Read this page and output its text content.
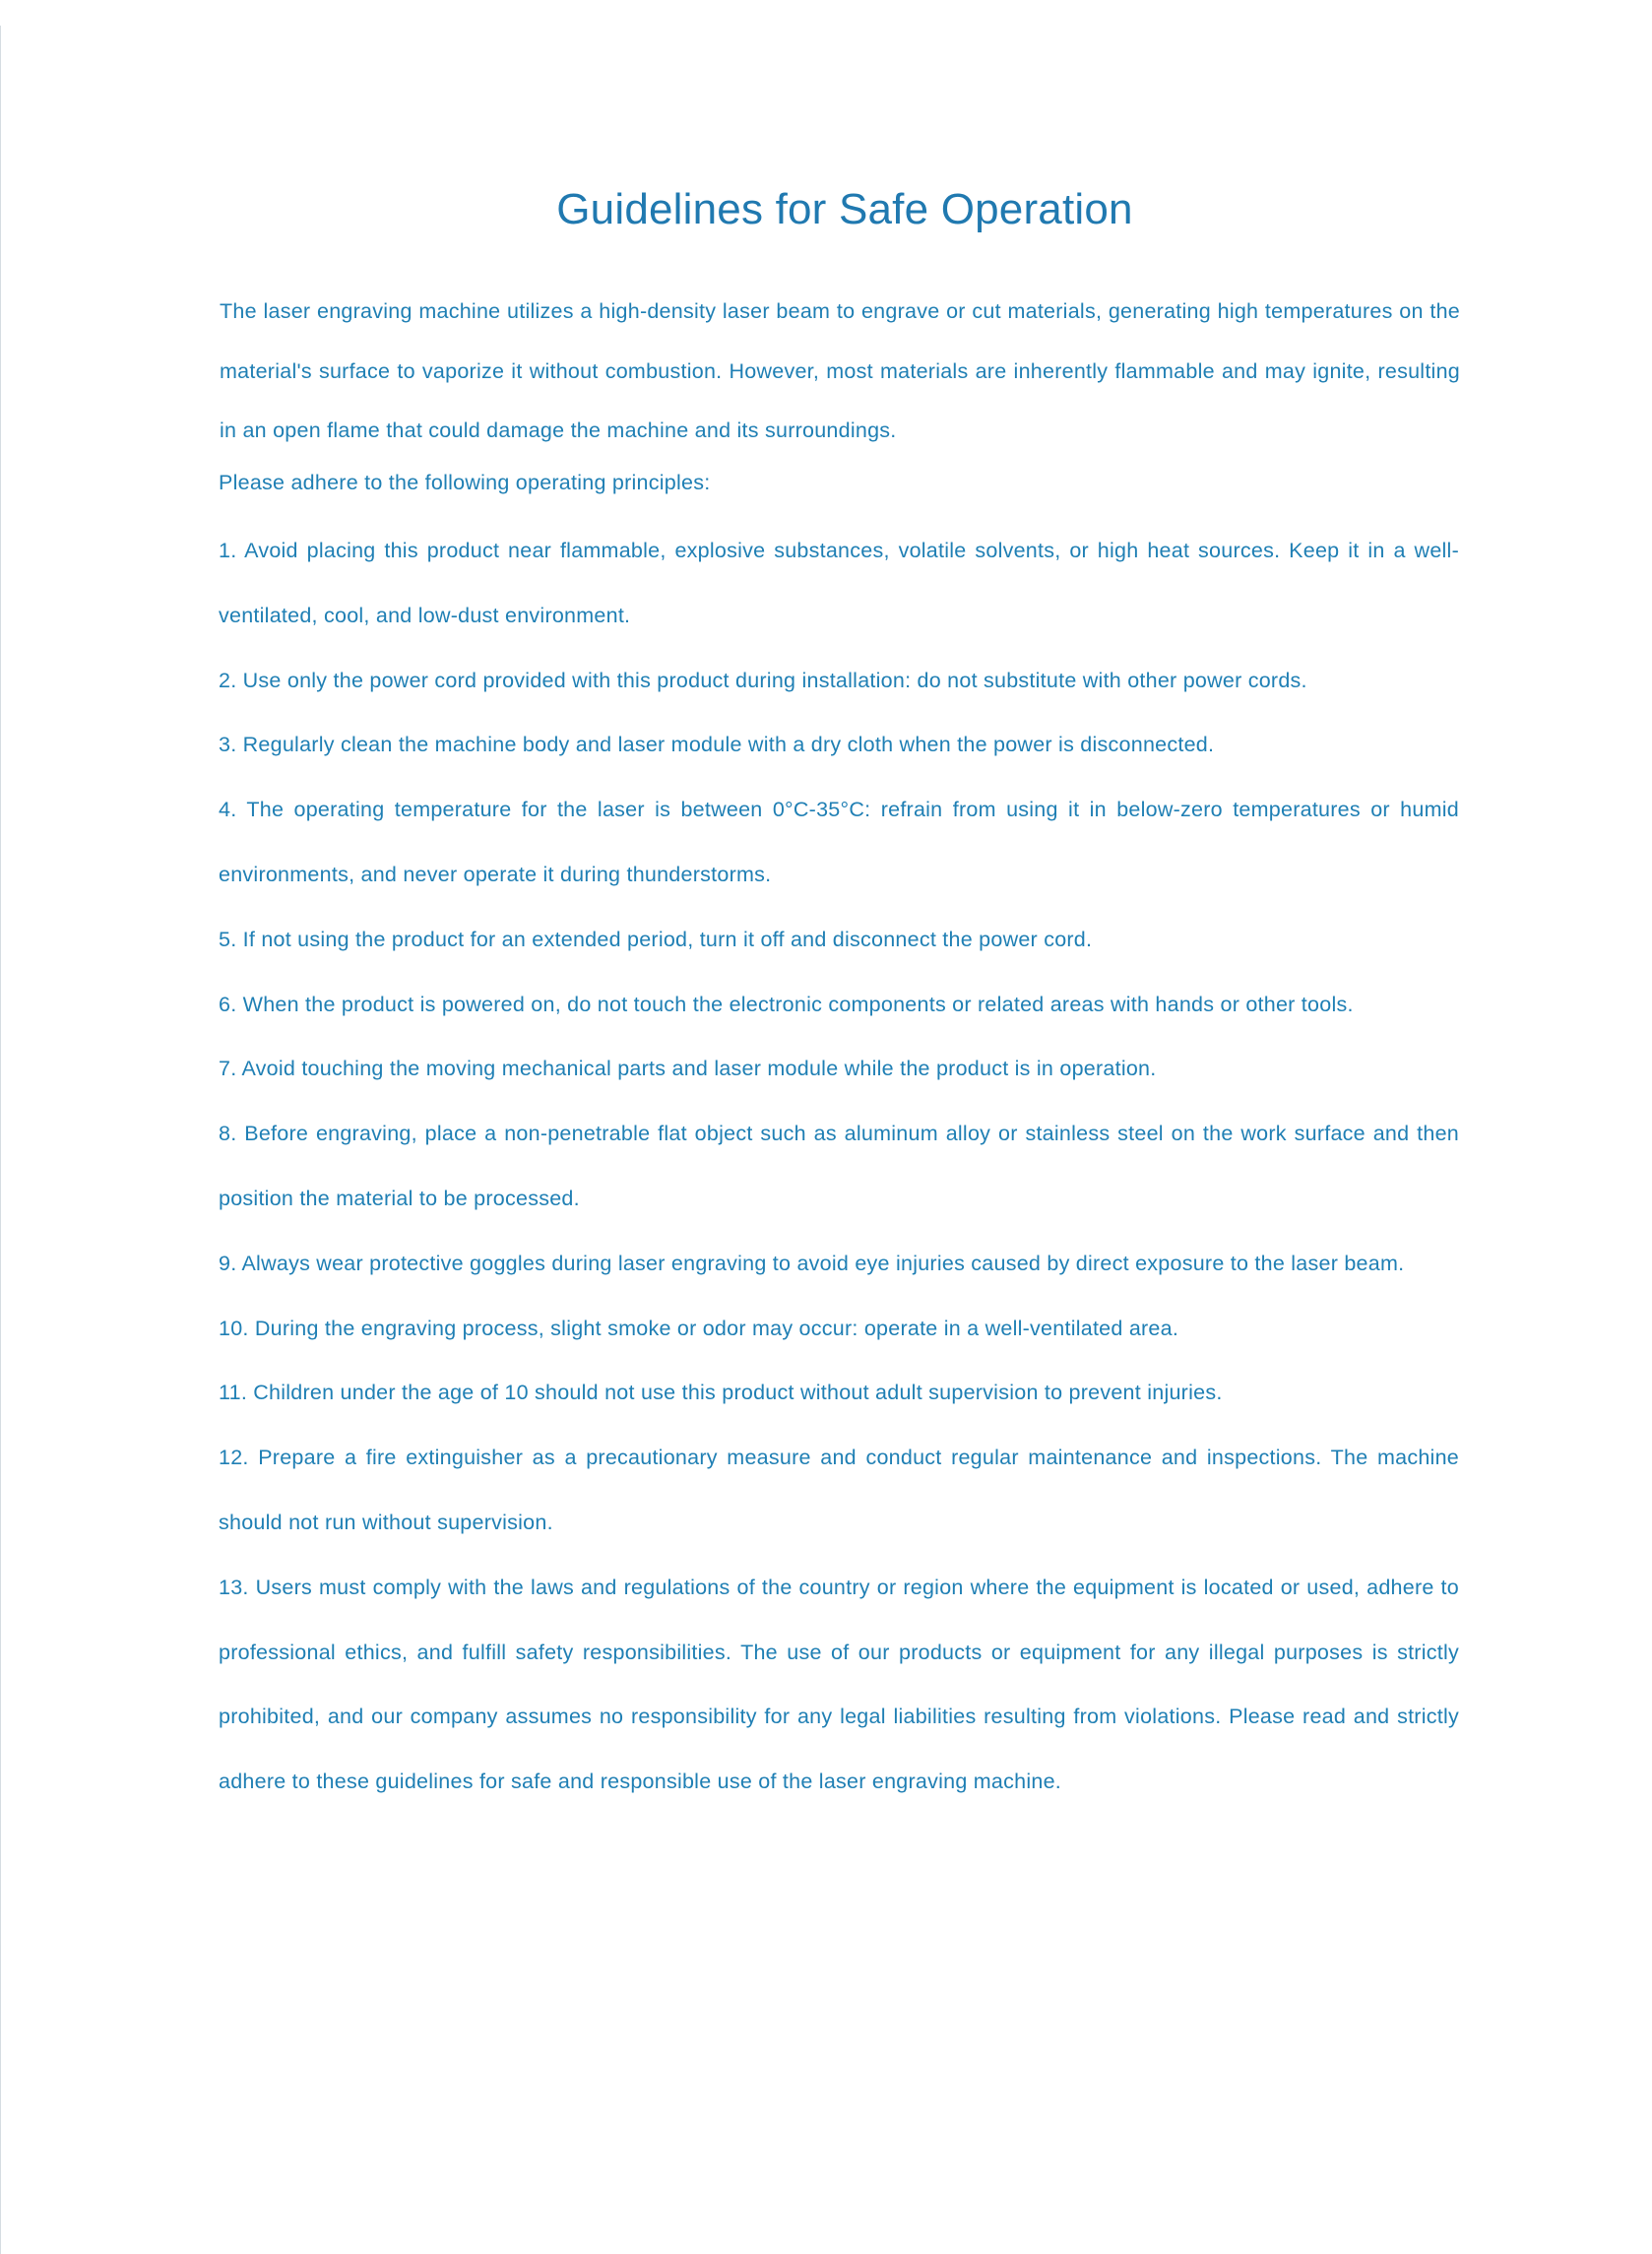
Guidelines for Safe Operation

The laser engraving machine utilizes a high-density laser beam to engrave or cut materials, generating high temperatures on the material's surface to vaporize it without combustion. However, most materials are inherently flammable and may ignite, resulting in an open flame that could damage the machine and its surroundings.

Please adhere to the following operating principles:

1. Avoid placing this product near flammable, explosive substances, volatile solvents, or high heat sources. Keep it in a well-ventilated, cool, and low-dust environment.
2. Use only the power cord provided with this product during installation: do not substitute with other power cords.
3. Regularly clean the machine body and laser module with a dry cloth when the power is disconnected.
4. The operating temperature for the laser is between 0°C-35°C: refrain from using it in below-zero temperatures or humid environments, and never operate it during thunderstorms.
5. If not using the product for an extended period, turn it off and disconnect the power cord.
6. When the product is powered on, do not touch the electronic components or related areas with hands or other tools.
7. Avoid touching the moving mechanical parts and laser module while the product is in operation.
8. Before engraving, place a non-penetrable flat object such as aluminum alloy or stainless steel on the work surface and then position the material to be processed.
9. Always wear protective goggles during laser engraving to avoid eye injuries caused by direct exposure to the laser beam.
10. During the engraving process, slight smoke or odor may occur: operate in a well-ventilated area.
11. Children under the age of 10 should not use this product without adult supervision to prevent injuries.
12. Prepare a fire extinguisher as a precautionary measure and conduct regular maintenance and inspections. The machine should not run without supervision.
13. Users must comply with the laws and regulations of the country or region where the equipment is located or used, adhere to professional ethics, and fulfill safety responsibilities. The use of our products or equipment for any illegal purposes is strictly prohibited, and our company assumes no responsibility for any legal liabilities resulting from violations. Please read and strictly adhere to these guidelines for safe and responsible use of the laser engraving machine.
